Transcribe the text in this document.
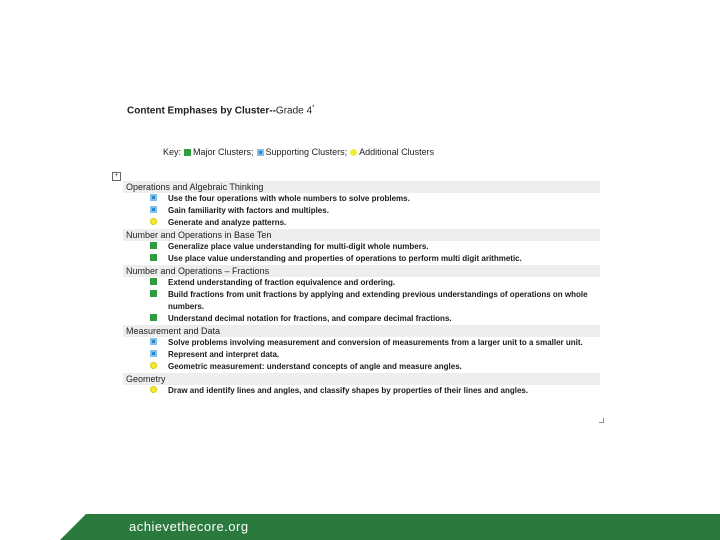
Content Emphases by Cluster--Grade 4*
Key: Major Clusters; Supporting Clusters; Additional Clusters
+
Operations and Algebraic Thinking
Use the four operations with whole numbers to solve problems.
Gain familiarity with factors and multiples.
Generate and analyze patterns.
Number and Operations in Base Ten
Generalize place value understanding for multi-digit whole numbers.
Use place value understanding and properties of operations to perform multi digit arithmetic.
Number and Operations – Fractions
Extend understanding of fraction equivalence and ordering.
Build fractions from unit fractions by applying and extending previous understandings of operations on whole numbers.
Understand decimal notation for fractions, and compare decimal fractions.
Measurement and Data
Solve problems involving measurement and conversion of measurements from a larger unit to a smaller unit.
Represent and interpret data.
Geometric measurement: understand concepts of angle and measure angles.
Geometry
Draw and identify lines and angles, and classify shapes by properties of their lines and angles.
achievethecore.org
